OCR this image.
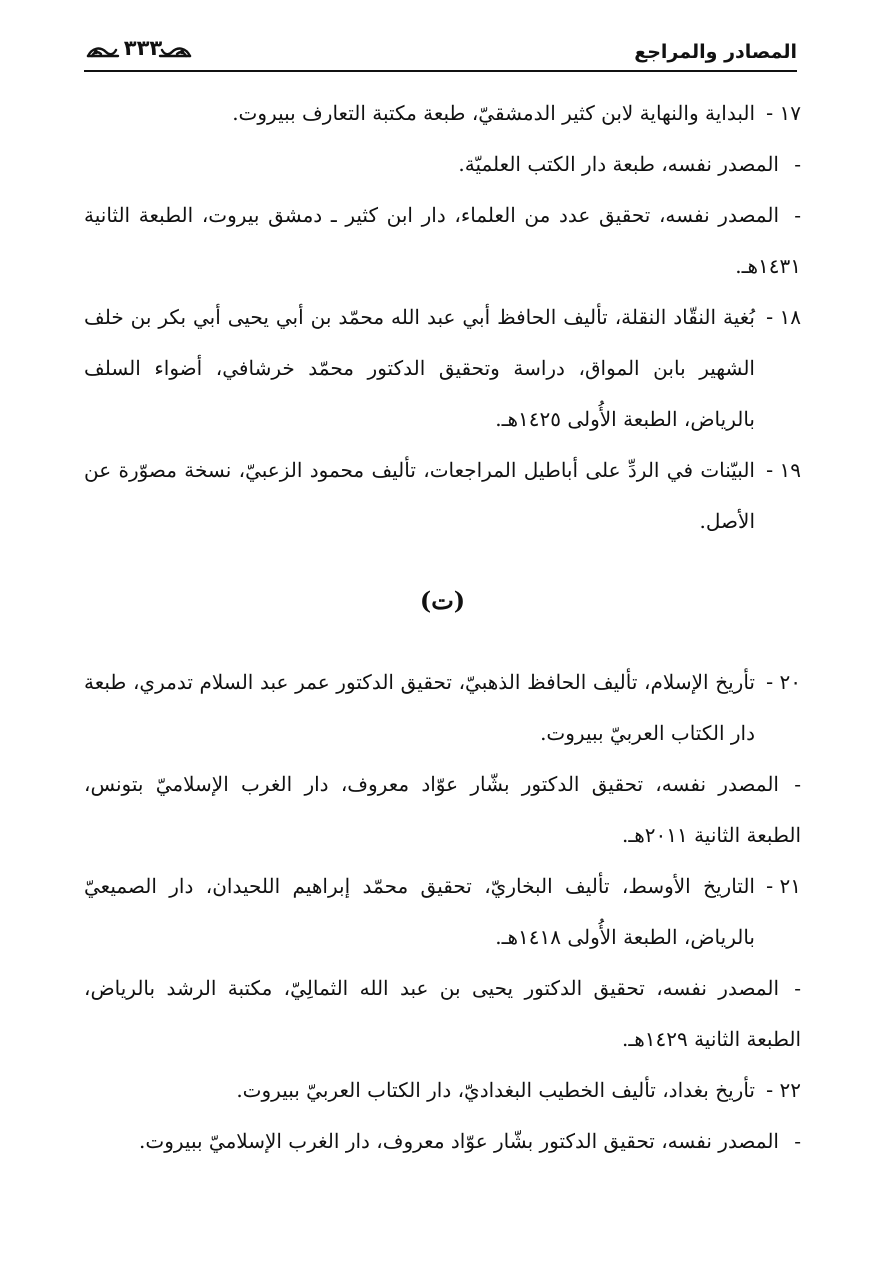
المصادر والمراجع
٣٣٣

١٧ -البداية والنهاية لابن كثير الدمشقيّ، طبعة مكتبة التعارف ببيروت.

-المصدر نفسه، طبعة دار الكتب العلميّة.

-المصدر نفسه، تحقيق عدد من العلماء، دار ابن كثير ـ دمشق بيروت، الطبعة الثانية ١٤٣١هـ.

١٨ -بُغية النقّاد النقلة، تأليف الحافظ أبي عبد الله محمّد بن أبي يحيى أبي بكر بن خلف الشهير بابن المواق، دراسة وتحقيق الدكتور محمّد خرشافي، أضواء السلف بالرياض، الطبعة الأُولى ١٤٢٥هـ.

١٩ -البيّنات في الردِّ على أباطيل المراجعات، تأليف محمود الزعبيّ، نسخة مصوّرة عن الأصل.

(ت)

٢٠ -تأريخ الإسلام، تأليف الحافظ الذهبيّ، تحقيق الدكتور عمر عبد السلام تدمري، طبعة دار الكتاب العربيّ ببيروت.

-المصدر نفسه، تحقيق الدكتور بشّار عوّاد معروف، دار الغرب الإسلاميّ بتونس، الطبعة الثانية ٢٠١١هـ.

٢١ -التاريخ الأوسط، تأليف البخاريّ، تحقيق محمّد إبراهيم اللحيدان، دار الصميعيّ بالرياض، الطبعة الأُولى ١٤١٨هـ.

-المصدر نفسه، تحقيق الدكتور يحيى بن عبد الله الثمالِيّ، مكتبة الرشد بالرياض، الطبعة الثانية ١٤٢٩هـ.

٢٢ -تأريخ بغداد، تأليف الخطيب البغداديّ، دار الكتاب العربيّ ببيروت.

-المصدر نفسه، تحقيق الدكتور بشّار عوّاد معروف، دار الغرب الإسلاميّ ببيروت.
